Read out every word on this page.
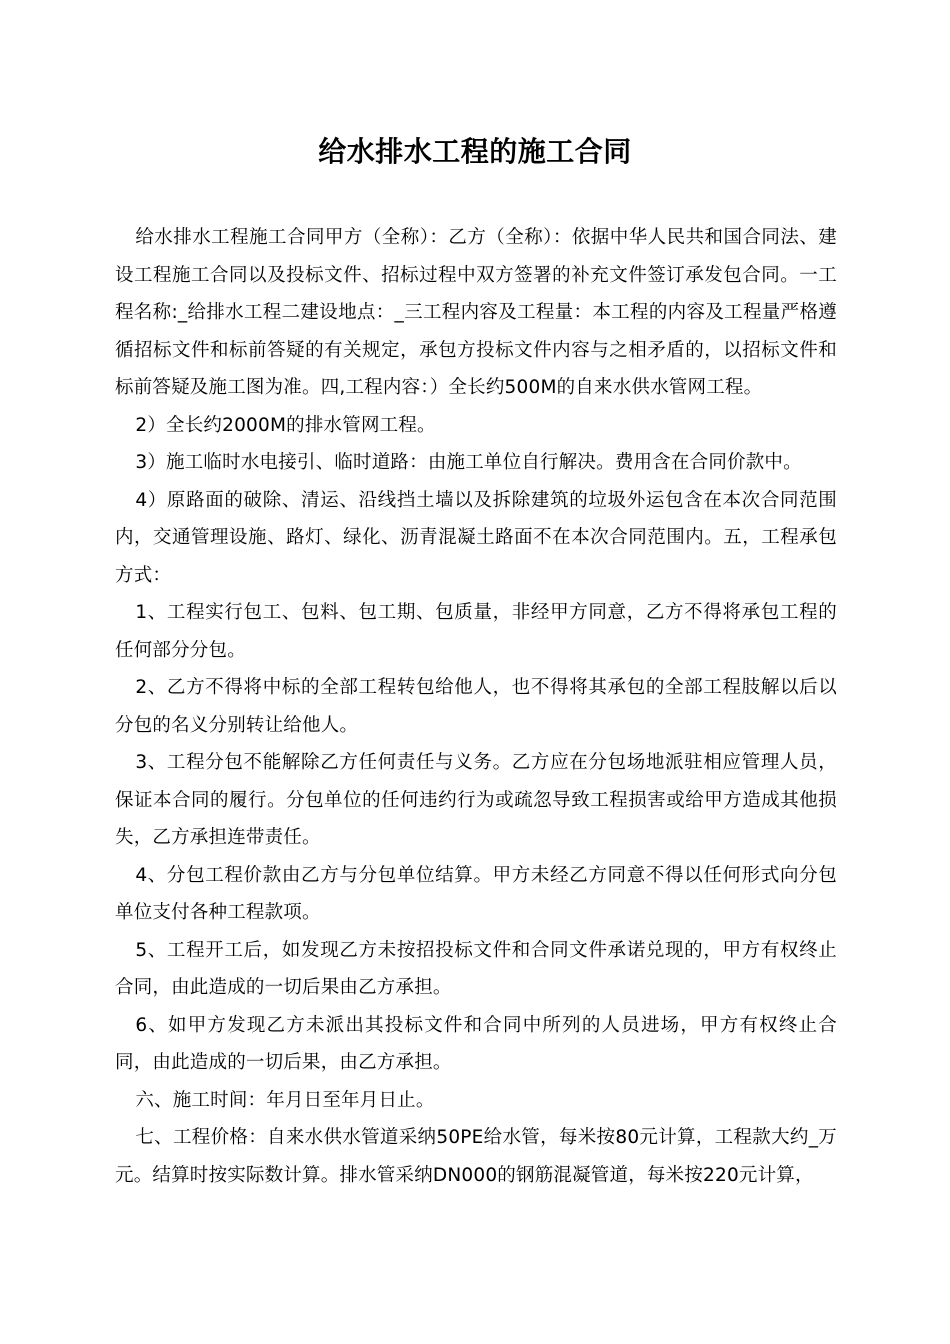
给水排水工程的施工合同

给水排水工程施工合同甲方（全称）：乙方（全称）：依据中华人民共和国合同法、建设工程施工合同以及投标文件、招标过程中双方签署的补充文件签订承发包合同。一工程名称:_给排水工程二建设地点：_三工程内容及工程量：本工程的内容及工程量严格遵循招标文件和标前答疑的有关规定，承包方投标文件内容与之相矛盾的，以招标文件和标前答疑及施工图为准。四,工程内容：）全长约500M的自来水供水管网工程。

2）全长约2000M的排水管网工程。

3）施工临时水电接引、临时道路：由施工单位自行解决。费用含在合同价款中。

4）原路面的破除、清运、沿线挡土墙以及拆除建筑的垃圾外运包含在本次合同范围内，交通管理设施、路灯、绿化、沥青混凝土路面不在本次合同范围内。五，工程承包方式：

1、工程实行包工、包料、包工期、包质量，非经甲方同意，乙方不得将承包工程的任何部分分包。

2、乙方不得将中标的全部工程转包给他人，也不得将其承包的全部工程肢解以后以分包的名义分别转让给他人。

3、工程分包不能解除乙方任何责任与义务。乙方应在分包场地派驻相应管理人员，保证本合同的履行。分包单位的任何违约行为或疏忽导致工程损害或给甲方造成其他损失，乙方承担连带责任。

4、分包工程价款由乙方与分包单位结算。甲方未经乙方同意不得以任何形式向分包单位支付各种工程款项。

5、工程开工后，如发现乙方未按招投标文件和合同文件承诺兑现的，甲方有权终止合同，由此造成的一切后果由乙方承担。

6、如甲方发现乙方未派出其投标文件和合同中所列的人员进场，甲方有权终止合同，由此造成的一切后果，由乙方承担。

六、施工时间：年月日至年月日止。

七、工程价格：自来水供水管道采纳50PE给水管，每米按80元计算，工程款大约_万元。结算时按实际数计算。排水管采纳DN000的钢筋混凝管道，每米按220元计算，
